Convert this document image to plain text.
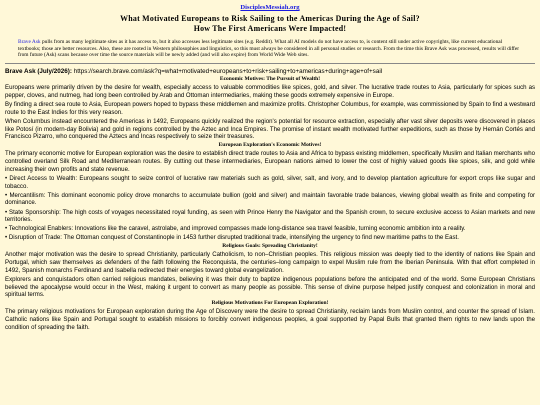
DisciplesMessiah.org
What Motivated Europeans to Risk Sailing to the Americas During the Age of Sail?
How The First Americans Were Impacted!
Brave Ask pulls from as many legitimate sites as it has access to, but it also accesses less legitimate sites (e.g. Reddit). What all AI models do not have access to, is content still under active copyrights, like current educational textbooks; those are better resources. Also, these are rooted in Western philosophies and linguistics, so this must always be considered in all personal studies or research. From the time this Brave Ask was processed, results will differ from future (Ask) scans because over time the source materials will be newly added (and will also expire) from World Wide Web sites.
Brave Ask (July/2026): https://search.brave.com/ask?q=what+motivated+europeans+to+risk+sailing+to+americas+during+age+of+sail
Economic Motives: The Pursuit of Wealth!
Europeans were primarily driven by the desire for wealth, especially access to valuable commodities like spices, gold, and silver. The lucrative trade routes to Asia, particularly for spices such as pepper, cloves, and nutmeg, had long been controlled by Arab and Ottoman intermediaries, making these goods extremely expensive in Europe.
By finding a direct sea route to Asia, European powers hoped to bypass these middlemen and maximize profits. Christopher Columbus, for example, was commissioned by Spain to find a westward route to the East Indies for this very reason.
When Columbus instead encountered the Americas in 1492, Europeans quickly realized the region's potential for resource extraction, especially after vast silver deposits were discovered in places like Potosí (in modern-day Bolivia) and gold in regions controlled by the Aztec and Inca Empires. The promise of instant wealth motivated further expeditions, such as those by Hernán Cortés and Francisco Pizarro, who conquered the Aztecs and Incas respectively to seize their treasures.
European Exploration's Economic Motives!
The primary economic motive for European exploration was the desire to establish direct trade routes to Asia and Africa to bypass existing middlemen, specifically Muslim and Italian merchants who controlled overland Silk Road and Mediterranean routes. By cutting out these intermediaries, European nations aimed to lower the cost of highly valued goods like spices, silk, and gold while increasing their own profits and state revenue.
• Direct Access to Wealth: Europeans sought to seize control of lucrative raw materials such as gold, silver, salt, and ivory, and to develop plantation agriculture for export crops like sugar and tobacco.
• Mercantilism: This dominant economic policy drove monarchs to accumulate bullion (gold and silver) and maintain favorable trade balances, viewing global wealth as finite and competing for dominance.
• State Sponsorship: The high costs of voyages necessitated royal funding, as seen with Prince Henry the Navigator and the Spanish crown, to secure exclusive access to Asian markets and new territories.
• Technological Enablers: Innovations like the caravel, astrolabe, and improved compasses made long-distance sea travel feasible, turning economic ambition into a reality.
• Disruption of Trade: The Ottoman conquest of Constantinople in 1453 further disrupted traditional trade, intensifying the urgency to find new maritime paths to the East.
Religious Goals: Spreading Christianity!
Another major motivation was the desire to spread Christianity, particularly Catholicism, to non–Christian peoples. This religious mission was deeply tied to the identity of nations like Spain and Portugal, which saw themselves as defenders of the faith following the Reconquista, the centuries–long campaign to expel Muslim rule from the Iberian Peninsula. With that effort completed in 1492, Spanish monarchs Ferdinand and Isabella redirected their energies toward global evangelization.
Explorers and conquistadors often carried religious mandates, believing it was their duty to baptize indigenous populations before the anticipated end of the world. Some European Christians believed the apocalypse would occur in the West, making it urgent to convert as many people as possible. This sense of divine purpose helped justify conquest and colonization in moral and spiritual terms.
Religious Motivations For European Exploration!
The primary religious motivations for European exploration during the Age of Discovery were the desire to spread Christianity, reclaim lands from Muslim control, and counter the spread of Islam. Catholic nations like Spain and Portugal sought to establish missions to forcibly convert indigenous peoples, a goal supported by Papal Bulls that granted them rights to new lands upon the condition of spreading the faith.
